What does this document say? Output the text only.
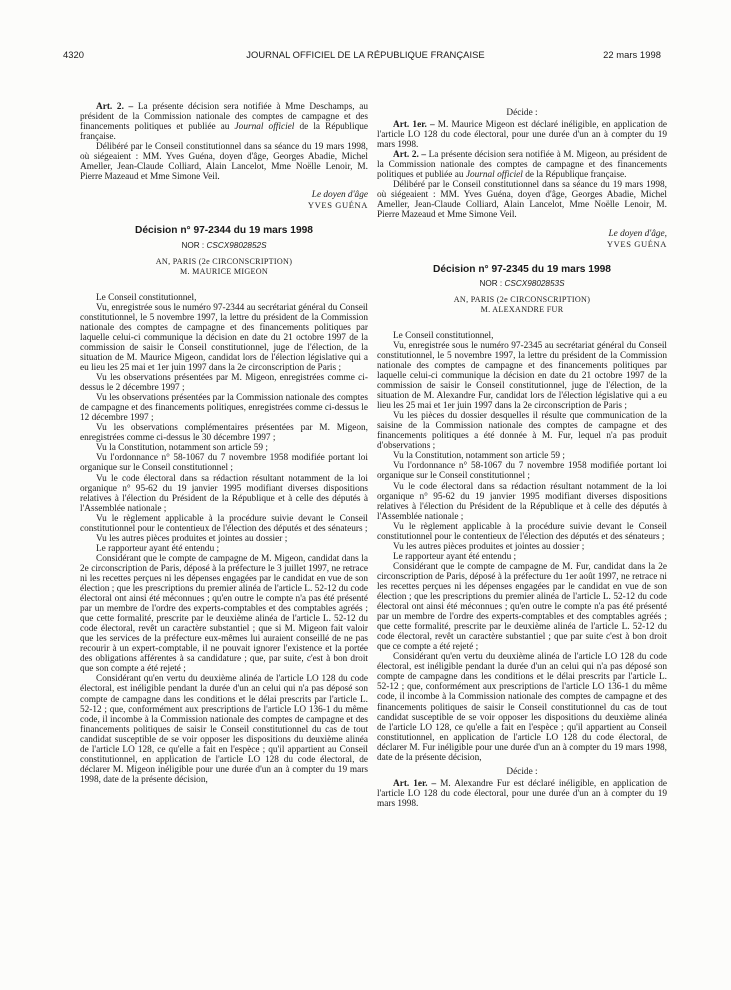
4320	JOURNAL OFFICIEL DE LA RÉPUBLIQUE FRANÇAISE	22 mars 1998

Art. 2. – La présente décision sera notifiée à Mme Deschamps, au président de la Commission nationale des comptes de campagne et des financements politiques et publiée au Journal officiel de la République française.

Délibéré par le Conseil constitutionnel dans sa séance du 19 mars 1998, où siégeaient : MM. Yves Guéna, doyen d'âge, Georges Abadie, Michel Ameller, Jean-Claude Colliard, Alain Lancelot, Mme Noëlle Lenoir, M. Pierre Mazeaud et Mme Simone Veil.

Le doyen d'âge
YVES GUÉNA
Décision n° 97-2344 du 19 mars 1998
NOR : CSCX9802852S
AN, PARIS (2e CIRCONSCRIPTION)
M. MAURICE MIGEON

Le Conseil constitutionnel,

Vu, enregistrée sous le numéro 97-2344 au secrétariat général du Conseil constitutionnel, le 5 novembre 1997, la lettre du président de la Commission nationale des comptes de campagne et des financements politiques par laquelle celui-ci communique la décision en date du 21 octobre 1997 de la commission de saisir le Conseil constitutionnel, juge de l'élection, de la situation de M. Maurice Migeon, candidat lors de l'élection législative qui a eu lieu les 25 mai et 1er juin 1997 dans la 2e circonscription de Paris ;

Vu les observations présentées par M. Migeon, enregistrées comme ci-dessus le 2 décembre 1997 ;

Vu les observations présentées par la Commission nationale des comptes de campagne et des financements politiques, enregistrées comme ci-dessus le 12 décembre 1997 ;

Vu les observations complémentaires présentées par M. Migeon, enregistrées comme ci-dessus le 30 décembre 1997 ;

Vu la Constitution, notamment son article 59 ;

Vu l'ordonnance n° 58-1067 du 7 novembre 1958 modifiée portant loi organique sur le Conseil constitutionnel ;

Vu le code électoral dans sa rédaction résultant notamment de la loi organique n° 95-62 du 19 janvier 1995 modifiant diverses dispositions relatives à l'élection du Président de la République et à celle des députés à l'Assemblée nationale ;

Vu le règlement applicable à la procédure suivie devant le Conseil constitutionnel pour le contentieux de l'élection des députés et des sénateurs ;

Vu les autres pièces produites et jointes au dossier ;

Le rapporteur ayant été entendu ;

Considérant que le compte de campagne de M. Migeon, candidat dans la 2e circonscription de Paris, déposé à la préfecture le 3 juillet 1997, ne retrace ni les recettes perçues ni les dépenses engagées par le candidat en vue de son élection ; que les prescriptions du premier alinéa de l'article L. 52-12 du code électoral ont ainsi été méconnues ; qu'en outre le compte n'a pas été présenté par un membre de l'ordre des experts-comptables et des comptables agréés ; que cette formalité, prescrite par le deuxième alinéa de l'article L. 52-12 du code électoral, revêt un caractère substantiel ; que si M. Migeon fait valoir que les services de la préfecture eux-mêmes lui auraient conseillé de ne pas recourir à un expert-comptable, il ne pouvait ignorer l'existence et la portée des obligations afférentes à sa candidature ; que, par suite, c'est à bon droit que son compte a été rejeté ;

Considérant qu'en vertu du deuxième alinéa de l'article LO 128 du code électoral, est inéligible pendant la durée d'un an celui qui n'a pas déposé son compte de campagne dans les conditions et le délai prescrits par l'article L. 52-12 ; que, conformément aux prescriptions de l'article LO 136-1 du même code, il incombe à la Commission nationale des comptes de campagne et des financements politiques de saisir le Conseil constitutionnel du cas de tout candidat susceptible de se voir opposer les dispositions du deuxième alinéa de l'article LO 128, ce qu'elle a fait en l'espèce ; qu'il appartient au Conseil constitutionnel, en application de l'article LO 128 du code électoral, de déclarer M. Migeon inéligible pour une durée d'un an à compter du 19 mars 1998, date de la présente décision,

Décide :

Art. 1er. – M. Maurice Migeon est déclaré inéligible, en application de l'article LO 128 du code électoral, pour une durée d'un an à compter du 19 mars 1998.

Art. 2. – La présente décision sera notifiée à M. Migeon, au président de la Commission nationale des comptes de campagne et des financements politiques et publiée au Journal officiel de la République française.

Délibéré par le Conseil constitutionnel dans sa séance du 19 mars 1998, où siégeaient : MM. Yves Guéna, doyen d'âge, Georges Abadie, Michel Ameller, Jean-Claude Colliard, Alain Lancelot, Mme Noëlle Lenoir, M. Pierre Mazeaud et Mme Simone Veil.

Le doyen d'âge,
YVES GUÉNA
Décision n° 97-2345 du 19 mars 1998
NOR : CSCX9802853S
AN, PARIS (2e CIRCONSCRIPTION)
M. ALEXANDRE FUR

Le Conseil constitutionnel,

Vu, enregistrée sous le numéro 97-2345 au secrétariat général du Conseil constitutionnel, le 5 novembre 1997, la lettre du président de la Commission nationale des comptes de campagne et des financements politiques par laquelle celui-ci communique la décision en date du 21 octobre 1997 de la commission de saisir le Conseil constitutionnel, juge de l'élection, de la situation de M. Alexandre Fur, candidat lors de l'élection législative qui a eu lieu les 25 mai et 1er juin 1997 dans la 2e circonscription de Paris ;

Vu les pièces du dossier desquelles il résulte que communication de la saisine de la Commission nationale des comptes de campagne et des financements politiques a été donnée à M. Fur, lequel n'a pas produit d'observations ;

Vu la Constitution, notamment son article 59 ;

Vu l'ordonnance n° 58-1067 du 7 novembre 1958 modifiée portant loi organique sur le Conseil constitutionnel ;

Vu le code électoral dans sa rédaction résultant notamment de la loi organique n° 95-62 du 19 janvier 1995 modifiant diverses dispositions relatives à l'élection du Président de la République et à celle des députés à l'Assemblée nationale ;

Vu le règlement applicable à la procédure suivie devant le Conseil constitutionnel pour le contentieux de l'élection des députés et des sénateurs ;

Vu les autres pièces produites et jointes au dossier ;

Le rapporteur ayant été entendu ;

Considérant que le compte de campagne de M. Fur, candidat dans la 2e circonscription de Paris, déposé à la préfecture du 1er août 1997, ne retrace ni les recettes perçues ni les dépenses engagées par le candidat en vue de son élection ; que les prescriptions du premier alinéa de l'article L. 52-12 du code électoral ont ainsi été méconnues ; qu'en outre le compte n'a pas été présenté par un membre de l'ordre des experts-comptables et des comptables agréés ; que cette formalité, prescrite par le deuxième alinéa de l'article L. 52-12 du code électoral, revêt un caractère substantiel ; que par suite c'est à bon droit que ce compte a été rejeté ;

Considérant qu'en vertu du deuxième alinéa de l'article LO 128 du code électoral, est inéligible pendant la durée d'un an celui qui n'a pas déposé son compte de campagne dans les conditions et le délai prescrits par l'article L. 52-12 ; que, conformément aux prescriptions de l'article LO 136-1 du même code, il incombe à la Commission nationale des comptes de campagne et des financements politiques de saisir le Conseil constitutionnel du cas de tout candidat susceptible de se voir opposer les dispositions du deuxième alinéa de l'article LO 128, ce qu'elle a fait en l'espèce ; qu'il appartient au Conseil constitutionnel, en application de l'article LO 128 du code électoral, de déclarer M. Fur inéligible pour une durée d'un an à compter du 19 mars 1998, date de la présente décision,

Décide :

Art. 1er. – M. Alexandre Fur est déclaré inéligible, en application de l'article LO 128 du code électoral, pour une durée d'un an à compter du 19 mars 1998.
